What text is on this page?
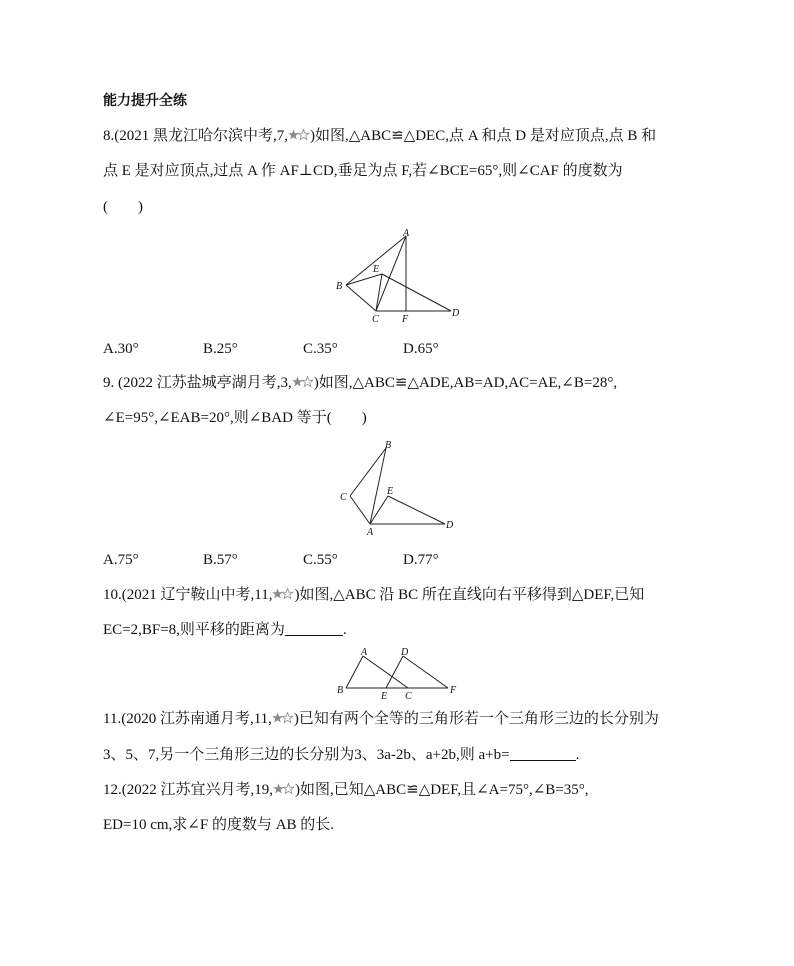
能力提升全练
8.(2021 黑龙江哈尔滨中考,7, )如图,△ABC≌△DEC,点 A 和点 D 是对应顶点,点 B 和
点 E 是对应顶点,过点 A 作 AF⊥CD,垂足为点 F,若∠BCE=65°,则∠CAF 的度数为
(　　)
A
B
C
D
E
F
A.30°	B.25°	C.35°	D.65°
9. (2022 江苏盐城亭湖月考,3, )如图,△ABC≌△ADE,AB=AD,AC=AE,∠B=28°,
∠E=95°,∠EAB=20°,则∠BAD 等于(　　)
B
C
A
E
D
A.75°	B.57°	C.55°	D.77°
10.(2021 辽宁鞍山中考,11, )如图,△ABC 沿 BC 所在直线向右平移得到△DEF,已知
EC=2,BF=8,则平移的距离为	.
A	D
B
E C
F
11.(2020 江苏南通月考,11, )已知有两个全等的三角形若一个三角形三边的长分别为
3、5、7,另一个三角形三边的长分别为3、3a-2b、a+2b,则 a+b=	.
12.(2022 江苏宜兴月考,19, )如图,已知△ABC≌△DEF,且∠A=75°,∠B=35°,
ED=10 cm,求∠F 的度数与 AB 的长.
